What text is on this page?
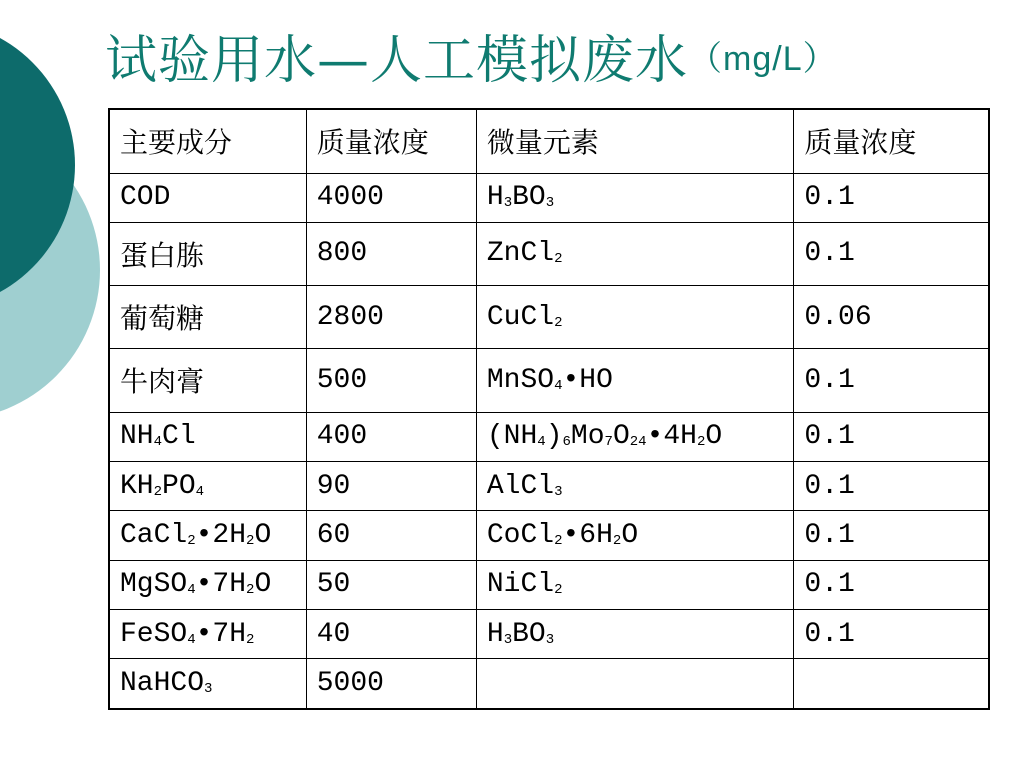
试验用水—人工模拟废水（mg/L）
主要成分	质量浓度	微量元素	质量浓度
COD	4000	$H_3BO_3$	0.1
蛋白胨	800	ZnCl$_2$	0.1
葡萄糖	2800	CuCl$_2$	0.06
牛肉膏	500	MnSO$_4$•HO	0.1
$NH_4Cl$	400	$(NH_4)_6Mo_7O_{24}•4H_2O$	0.1
$KH_2PO_4$	90	AlCl$_3$	0.1
$CaCl_2•2H_2O$	60	$CoCl_2•6H_2O$	0.1
$MgSO_4•7H_2O$	50	NiCl$_2$	0.1
$FeSO_4•7H_2$	40	$H_3BO_3$	0.1
NaHCO$_3$	5000		
